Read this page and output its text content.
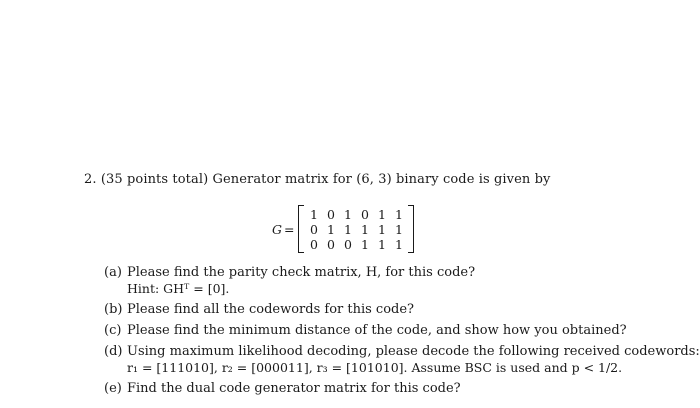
2. (35 points total) Generator matrix for (6, 3) binary code is given by
G =
1 0 1 0 1 1
0 1 1 1 1 1
0 0 0 1 1 1
(a) Please find the parity check matrix, H, for this code?
Hint: GHᵀ = [0].
(b) Please find all the codewords for this code?
(c) Please find the minimum distance of the code, and show how you obtained?
(d) Using maximum likelihood decoding, please decode the following received codewords:
r₁ = [111010], r₂ = [000011], r₃ = [101010]. Assume BSC is used and p < 1/2.
(e) Find the dual code generator matrix for this code?
